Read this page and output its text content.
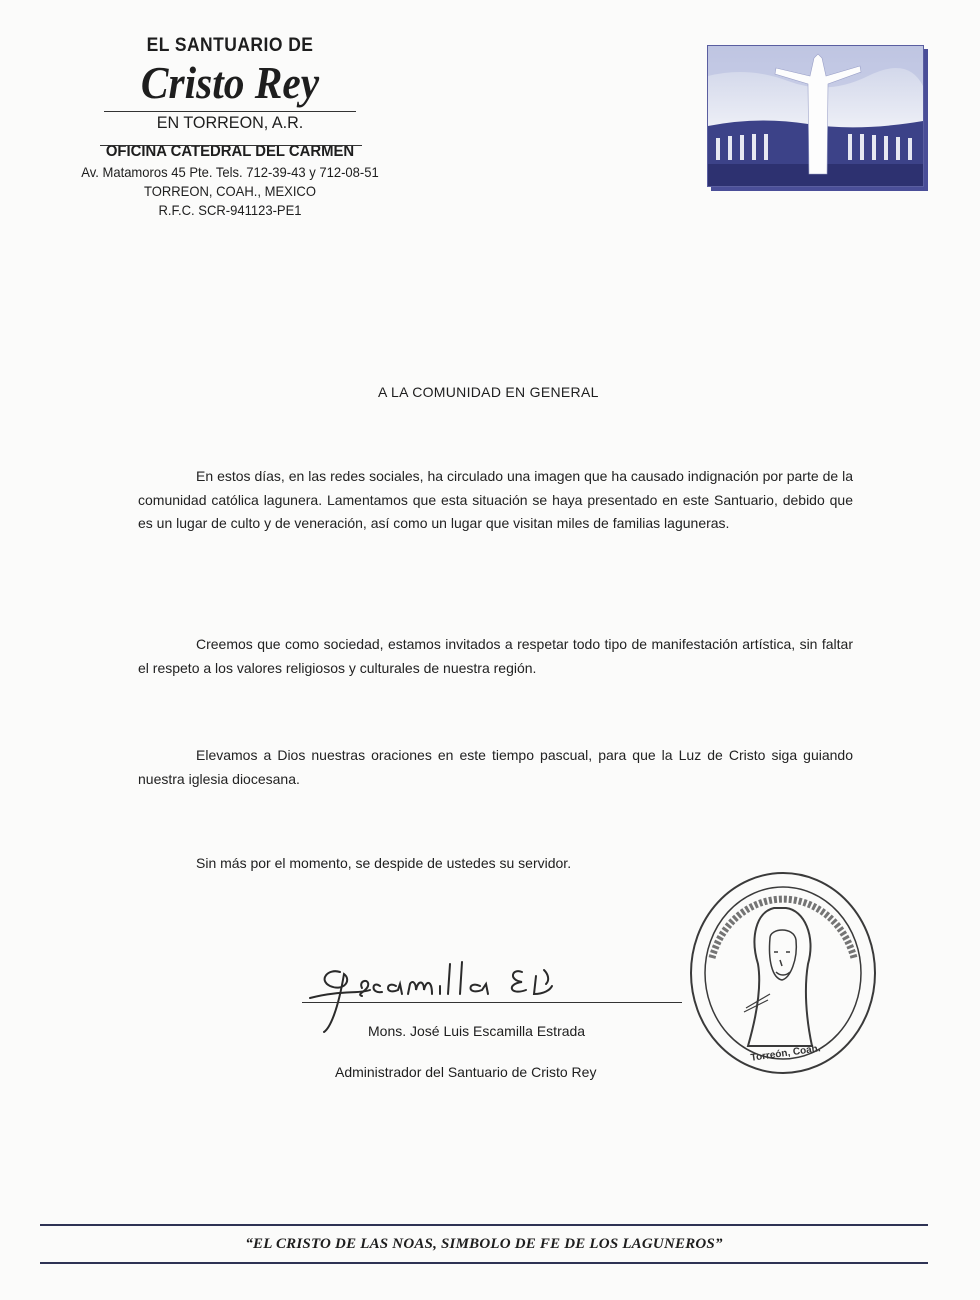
EL SANTUARIO DE
Cristo Rey
EN TORREON, A.R.
OFICINA CATEDRAL DEL CARMEN
Av. Matamoros 45 Pte. Tels. 712-39-43 y 712-08-51
TORREON, COAH., MEXICO
R.F.C. SCR-941123-PE1
A LA COMUNIDAD EN GENERAL

En estos días, en las redes sociales, ha circulado una imagen que ha causado indignación por parte de la comunidad católica lagunera. Lamentamos que esta situación se haya presentado en este Santuario, debido que es un lugar de culto y de veneración, así como un lugar que visitan miles de familias laguneras.

Creemos que como sociedad, estamos invitados a respetar todo tipo de manifestación artística, sin faltar el respeto a los valores religiosos y culturales de nuestra región.

Elevamos a Dios nuestras oraciones en este tiempo pascual, para que la Luz de Cristo siga guiando nuestra iglesia diocesana.

Sin más por el momento, se despide de ustedes su servidor.
Mons. José Luis Escamilla Estrada
Administrador del Santuario de Cristo Rey
Torreón, Coah.
“EL CRISTO DE LAS NOAS, SIMBOLO DE FE DE LOS LAGUNEROS”
